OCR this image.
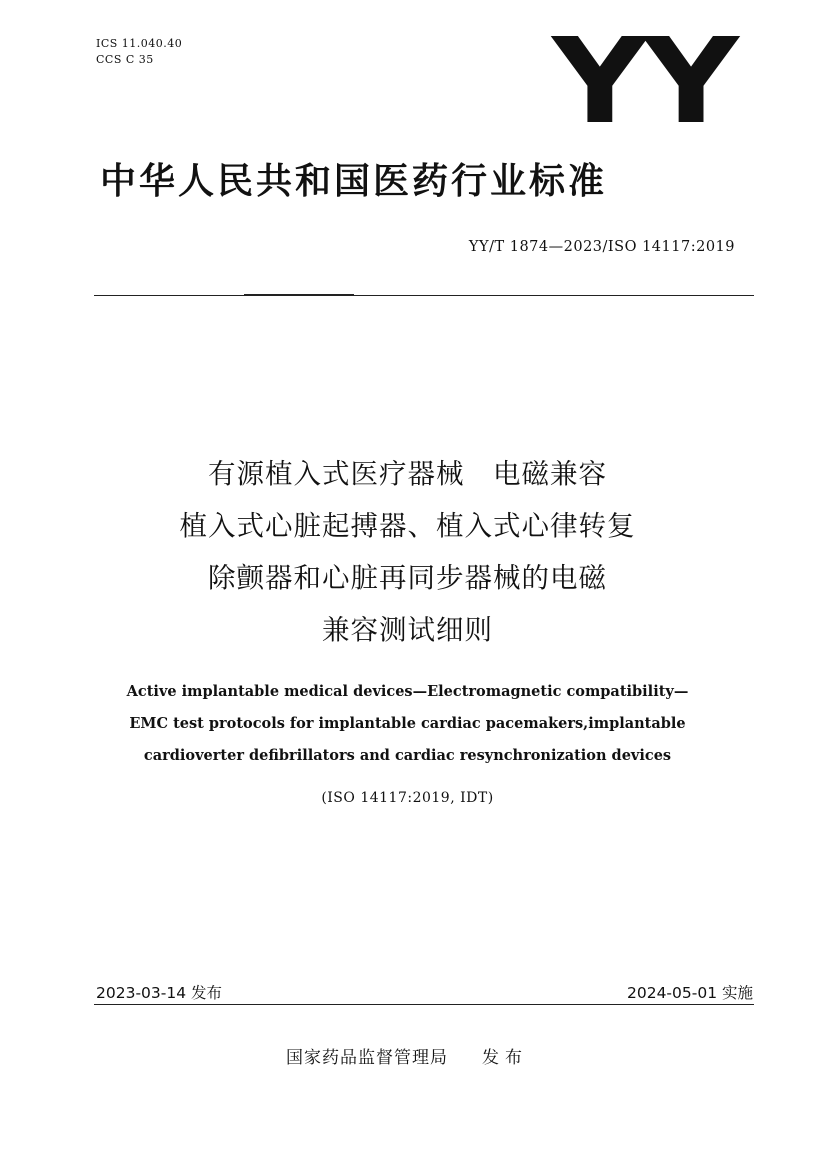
ICS 11.040.40
CCS C 35	YY
中华人民共和国医药行业标准
YY/T 1874—2023/ISO 14117:2019
有源植入式医疗器械　电磁兼容
植入式心脏起搏器、植入式心律转复
除颤器和心脏再同步器械的电磁
兼容测试细则
Active implantable medical devices—Electromagnetic compatibility—
EMC test protocols for implantable cardiac pacemakers,implantable
cardioverter defibrillators and cardiac resynchronization devices
(ISO 14117:2019, IDT)
2023-03-14 发布	2024-05-01 实施
国家药品监督管理局 发布
